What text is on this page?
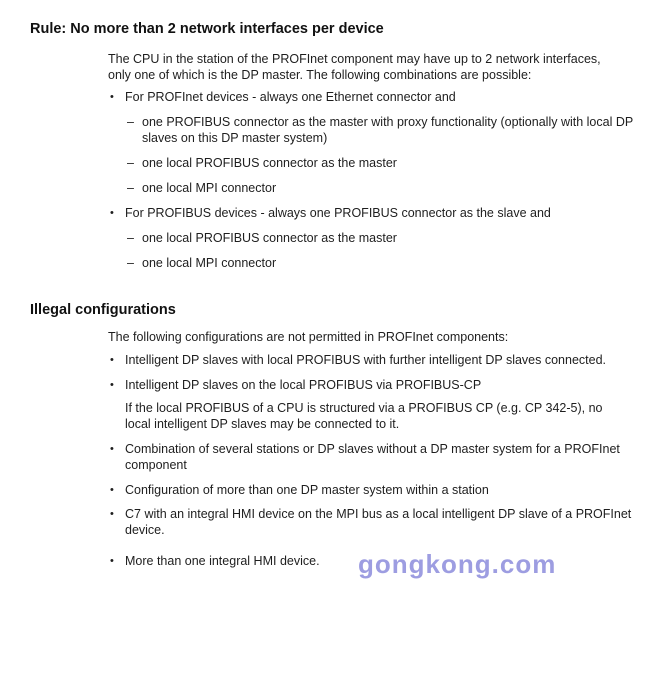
Rule: No more than 2 network interfaces per device

The CPU in the station of the PROFInet component may have up to 2 network interfaces, only one of which is the DP master. The following combinations are possible:

• For PROFInet devices - always one Ethernet connector and
– one PROFIBUS connector as the master with proxy functionality (optionally with local DP slaves on this DP master system)
– one local PROFIBUS connector as the master
– one local MPI connector
• For PROFIBUS devices - always one PROFIBUS connector as the slave and
– one local PROFIBUS connector as the master
– one local MPI connector
Illegal configurations

The following configurations are not permitted in PROFInet components:

• Intelligent DP slaves with local PROFIBUS with further intelligent DP slaves connected.
• Intelligent DP slaves on the local PROFIBUS via PROFIBUS-CP

If the local PROFIBUS of a CPU is structured via a PROFIBUS CP (e.g. CP 342-5), no local intelligent DP slaves may be connected to it.

• Combination of several stations or DP slaves without a DP master system for a PROFInet component
• Configuration of more than one DP master system within a station
• C7 with an integral HMI device on the MPI bus as a local intelligent DP slave of a PROFInet device.
• More than one integral HMI device.	gongkong.com
